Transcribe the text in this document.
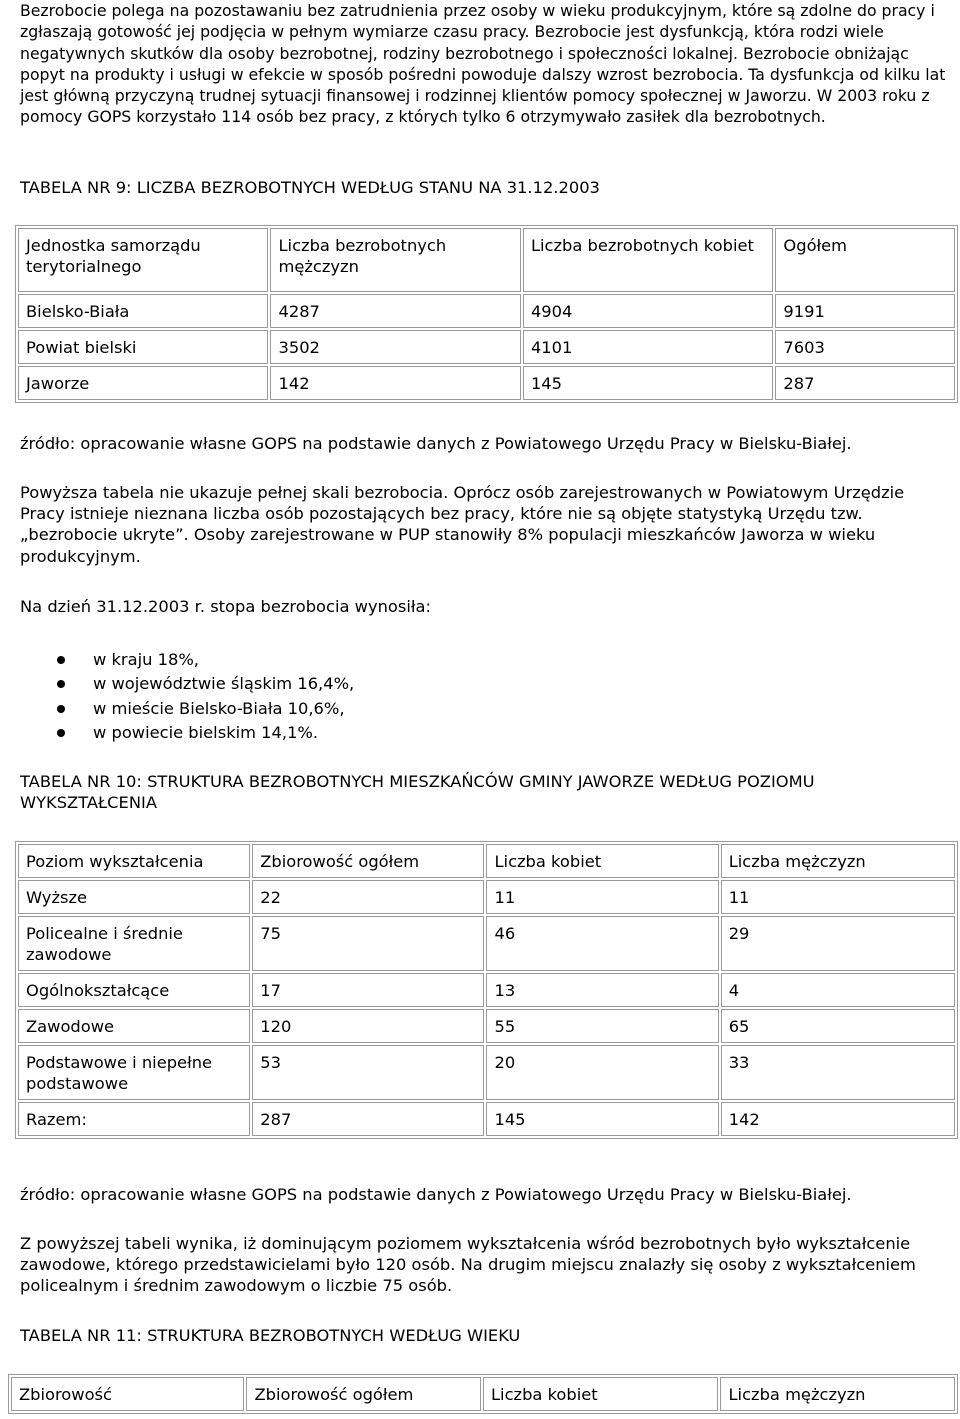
Bezrobocie polega na pozostawaniu bez zatrudnienia przez osoby w wieku produkcyjnym, które są zdolne do pracy i zgłaszają gotowość jej podjęcia w pełnym wymiarze czasu pracy. Bezrobocie jest dysfunkcją, która rodzi wiele negatywnych skutków dla osoby bezrobotnej, rodziny bezrobotnego i społeczności lokalnej. Bezrobocie obniżając popyt na produkty i usługi w efekcie w sposób pośredni powoduje dalszy wzrost bezrobocia. Ta dysfunkcja od kilku lat jest główną przyczyną trudnej sytuacji finansowej i rodzinnej klientów pomocy społecznej w Jaworzu. W 2003 roku z pomocy GOPS korzystało 114 osób bez pracy, z których tylko 6 otrzymywało zasiłek dla bezrobotnych.
TABELA NR 9: LICZBA BEZROBOTNYCH WEDŁUG STANU NA 31.12.2003
Jednostka samorządu terytorialnego	Liczba bezrobotnych mężczyzn	Liczba bezrobotnych kobiet	Ogółem
Bielsko-Biała	4287	4904	9191
Powiat bielski	3502	4101	7603
Jaworze	142	145	287
źródło: opracowanie własne GOPS na podstawie danych z Powiatowego Urzędu Pracy w Bielsku-Białej.
Powyższa tabela nie ukazuje pełnej skali bezrobocia. Oprócz osób zarejestrowanych w Powiatowym Urzędzie Pracy istnieje nieznana liczba osób pozostających bez pracy, które nie są objęte statystyką Urzędu tzw. „bezrobocie ukryte”. Osoby zarejestrowane w PUP stanowiły 8% populacji mieszkańców Jaworza w wieku produkcyjnym.
Na dzień 31.12.2003 r. stopa bezrobocia wynosiła:
w kraju 18%,
w województwie śląskim 16,4%,
w mieście Bielsko-Biała 10,6%,
w powiecie bielskim 14,1%.
TABELA NR 10: STRUKTURA BEZROBOTNYCH MIESZKAŃCÓW GMINY JAWORZE WEDŁUG POZIOMU WYKSZTAŁCENIA
Poziom wykształcenia	Zbiorowość ogółem	Liczba kobiet	Liczba mężczyzn
Wyższe	22	11	11
Policealne i średnie zawodowe	75	46	29
Ogólnokształcące	17	13	4
Zawodowe	120	55	65
Podstawowe i niepełne podstawowe	53	20	33
Razem:	287	145	142
źródło: opracowanie własne GOPS na podstawie danych z Powiatowego Urzędu Pracy w Bielsku-Białej.
Z powyższej tabeli wynika, iż dominującym poziomem wykształcenia wśród bezrobotnych było wykształcenie zawodowe, którego przedstawicielami było 120 osób. Na drugim miejscu znalazły się osoby z wykształceniem policealnym i średnim zawodowym o liczbie 75 osób.
TABELA NR 11: STRUKTURA BEZROBOTNYCH WEDŁUG WIEKU
Zbiorowość	Zbiorowość ogółem	Liczba kobiet	Liczba mężczyzn
